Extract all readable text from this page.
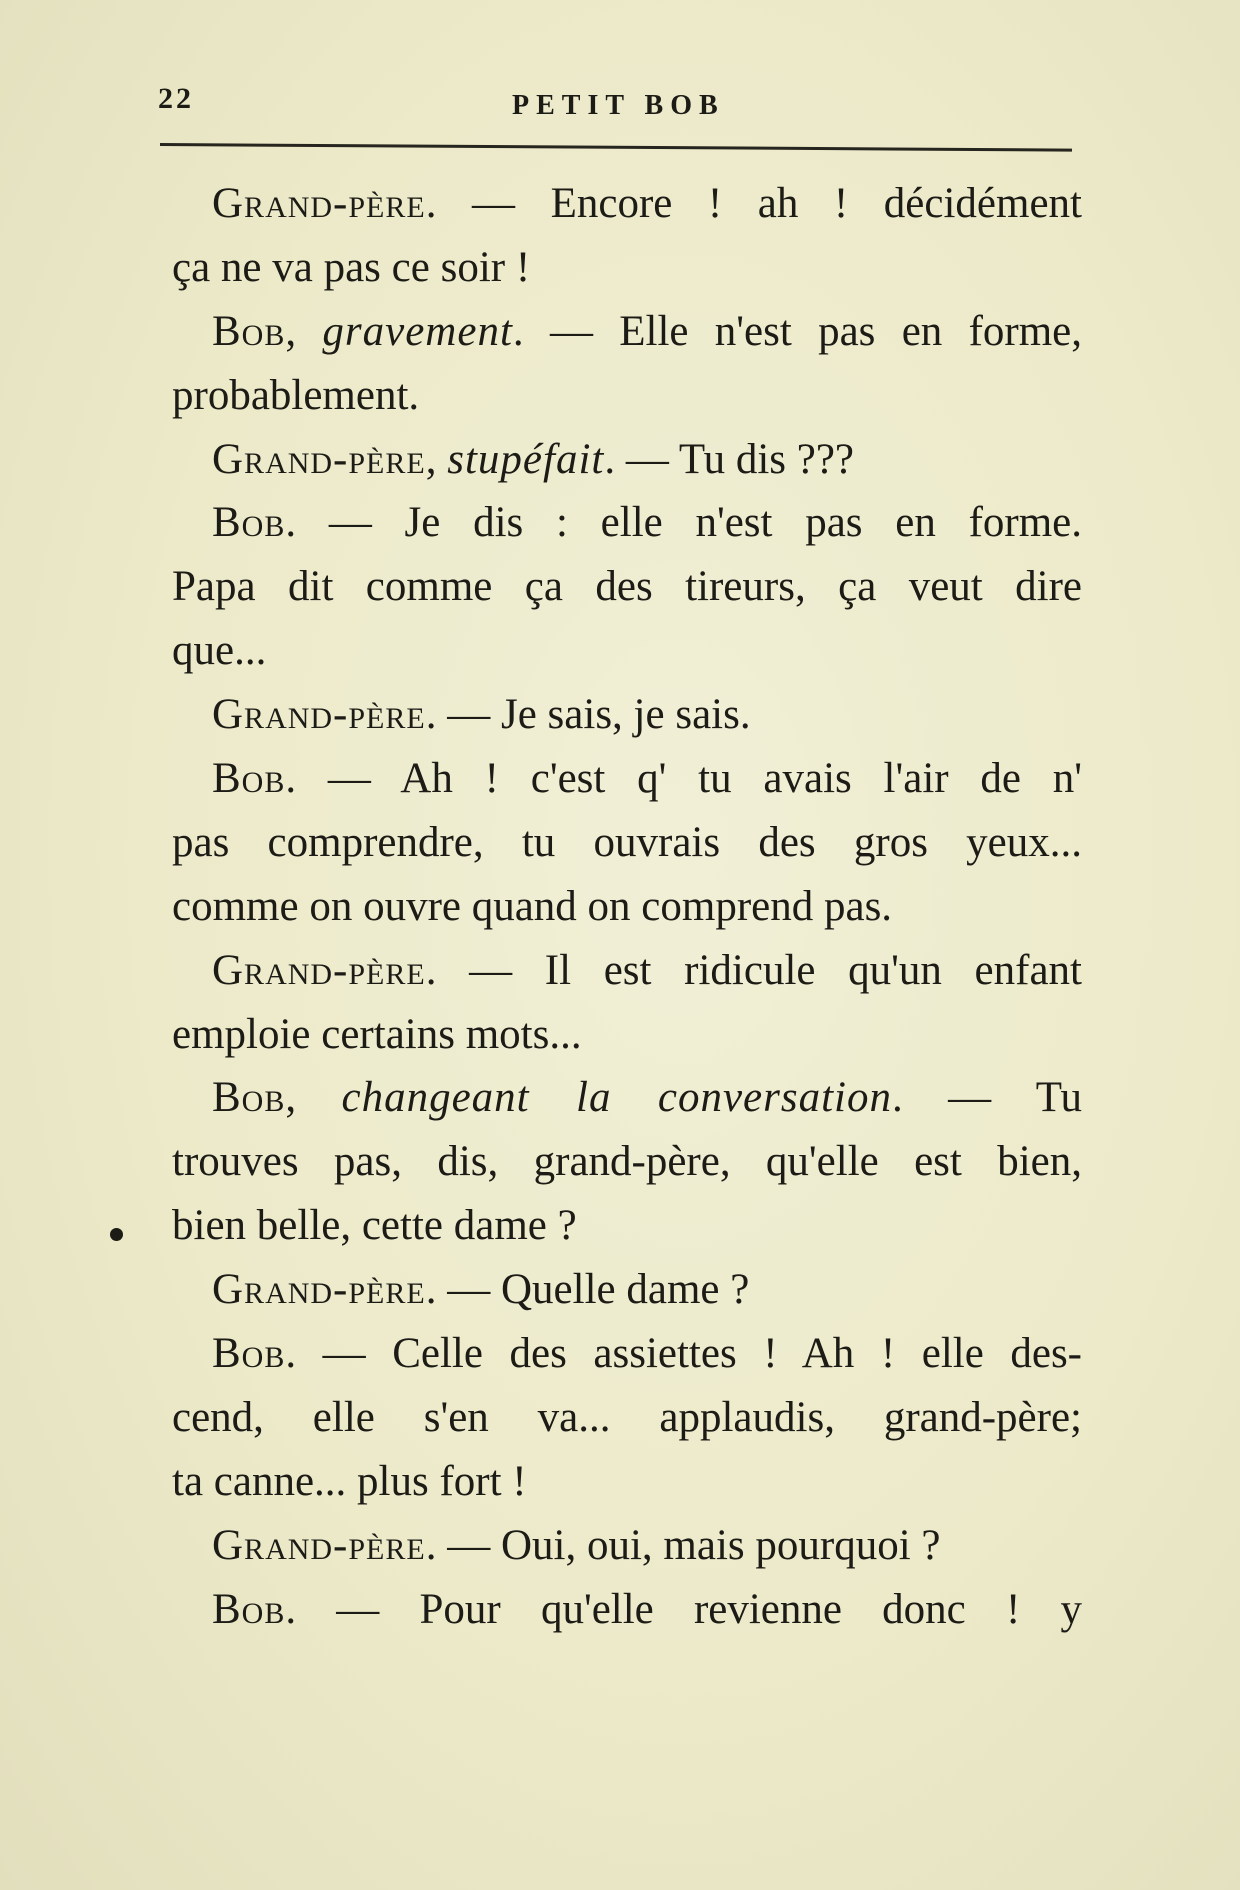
22	PETIT BOB
Grand-père. — Encore ! ah ! décidément
ça ne va pas ce soir !
Bob, gravement. — Elle n'est pas en forme,
probablement.
Grand-père, stupéfait. — Tu dis ???
Bob. — Je dis : elle n'est pas en forme.
Papa dit comme ça des tireurs, ça veut dire
que...
Grand-père. — Je sais, je sais.
Bob. — Ah ! c'est q' tu avais l'air de n'
pas comprendre, tu ouvrais des gros yeux...
comme on ouvre quand on comprend pas.
Grand-père. — Il est ridicule qu'un enfant
emploie certains mots...
Bob, changeant la conversation. — Tu
trouves pas, dis, grand-père, qu'elle est bien,
bien belle, cette dame ?
Grand-père. — Quelle dame ?
Bob. — Celle des assiettes ! Ah ! elle des-
cend, elle s'en va... applaudis, grand-père;
ta canne... plus fort !
Grand-père. — Oui, oui, mais pourquoi ?
Bob. — Pour qu'elle revienne donc ! y
